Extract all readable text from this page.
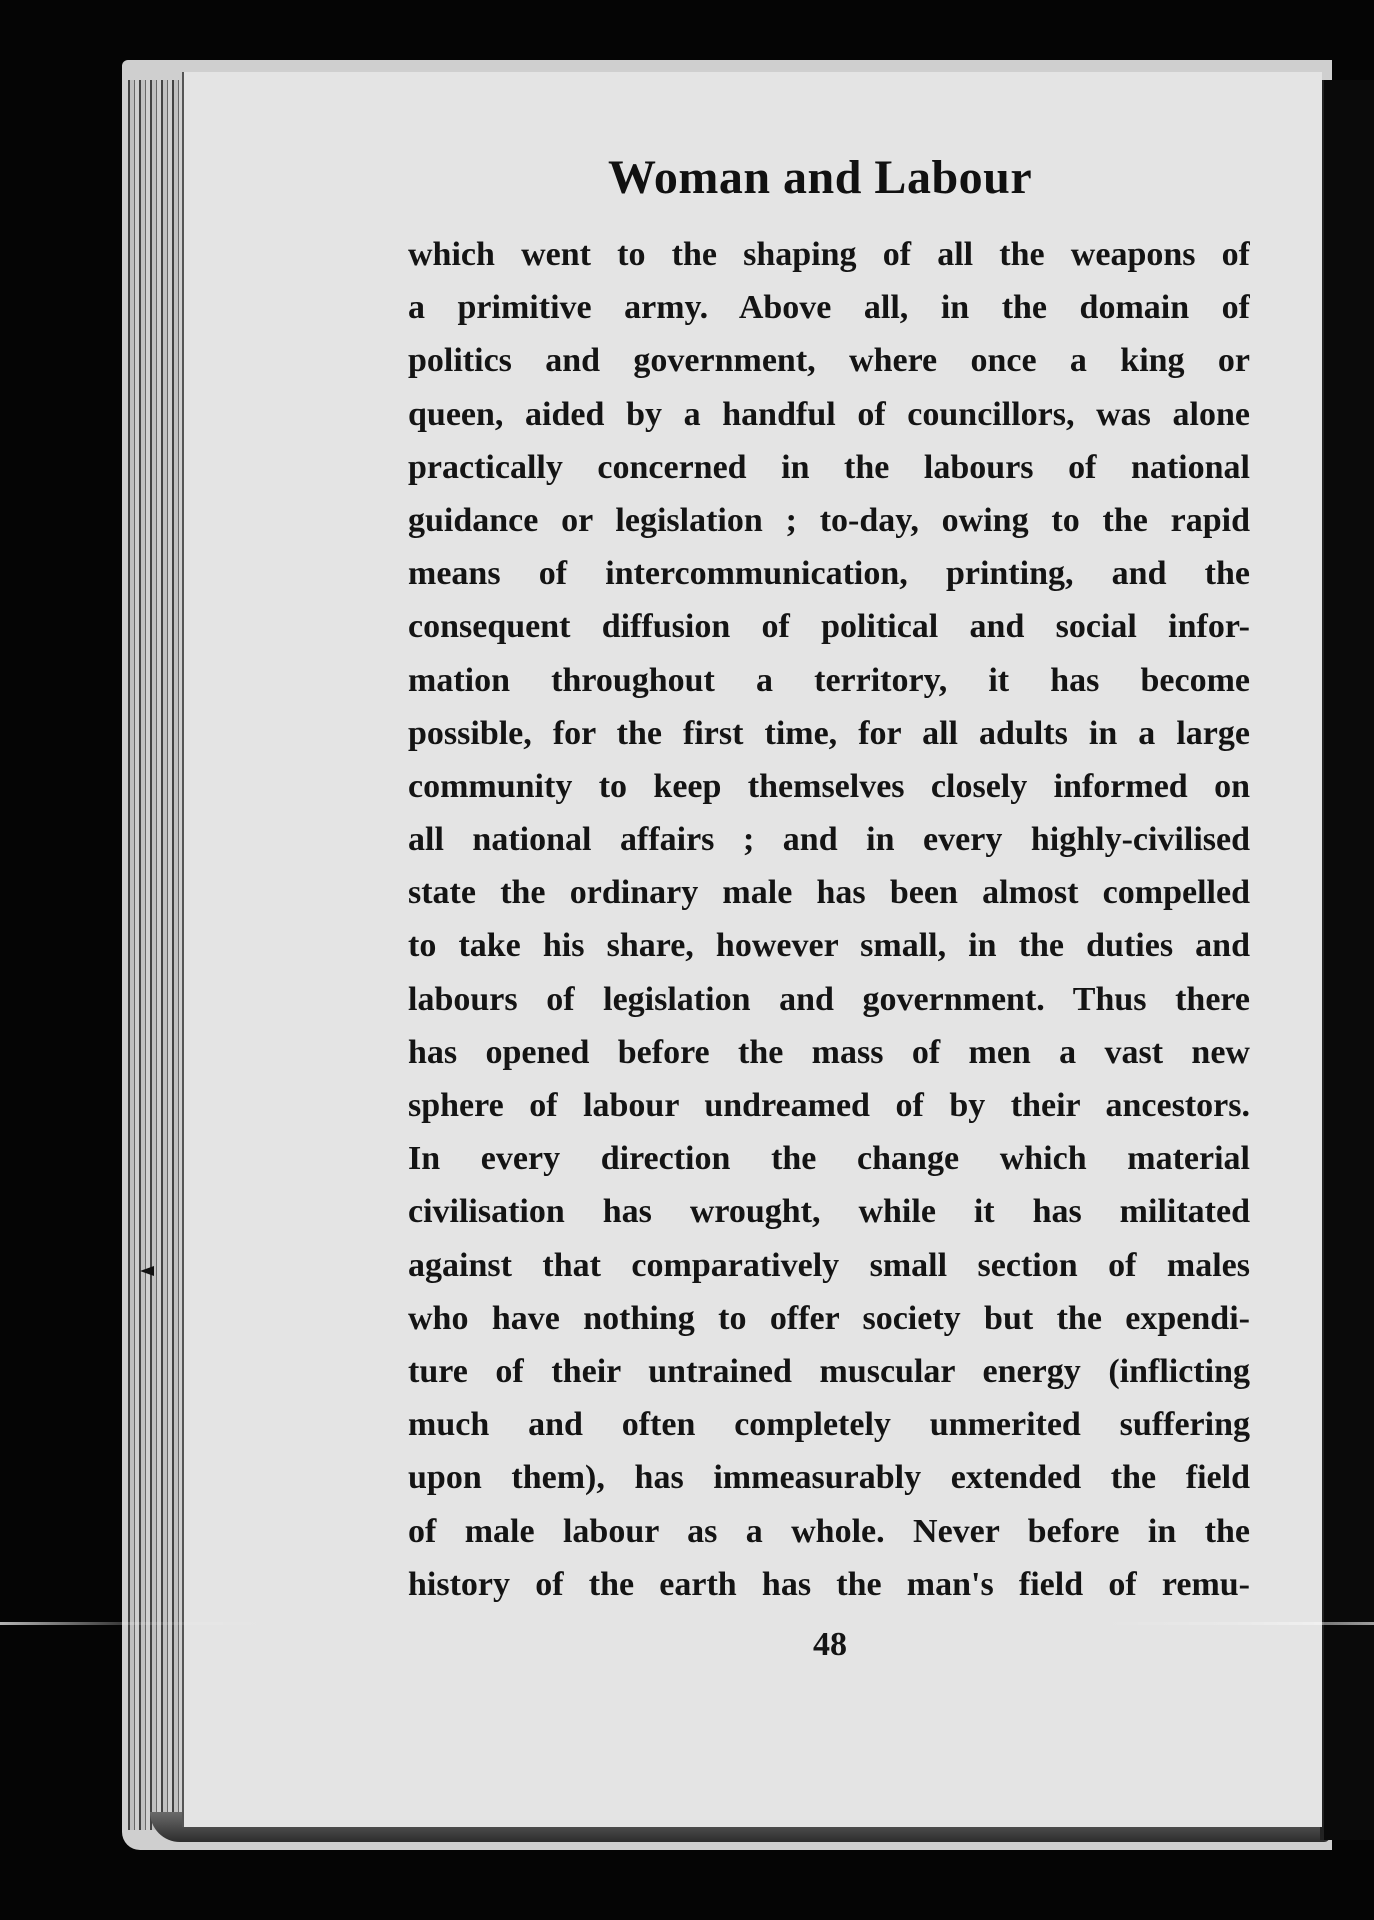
Woman and Labour
which went to the shaping of all the weapons of
a primitive army. Above all, in the domain of
politics and government, where once a king or
queen, aided by a handful of councillors, was alone
practically concerned in the labours of national
guidance or legislation ; to-day, owing to the rapid
means of intercommunication, printing, and the
consequent diffusion of political and social infor-
mation throughout a territory, it has become
possible, for the first time, for all adults in a large
community to keep themselves closely informed on
all national affairs ; and in every highly-civilised
state the ordinary male has been almost compelled
to take his share, however small, in the duties and
labours of legislation and government. Thus there
has opened before the mass of men a vast new
sphere of labour undreamed of by their ancestors.
In every direction the change which material
civilisation has wrought, while it has militated
against that comparatively small section of males
who have nothing to offer society but the expendi-
ture of their untrained muscular energy (inflicting
much and often completely unmerited suffering
upon them), has immeasurably extended the field
of male labour as a whole. Never before in the
history of the earth has the man's field of remu-
48
